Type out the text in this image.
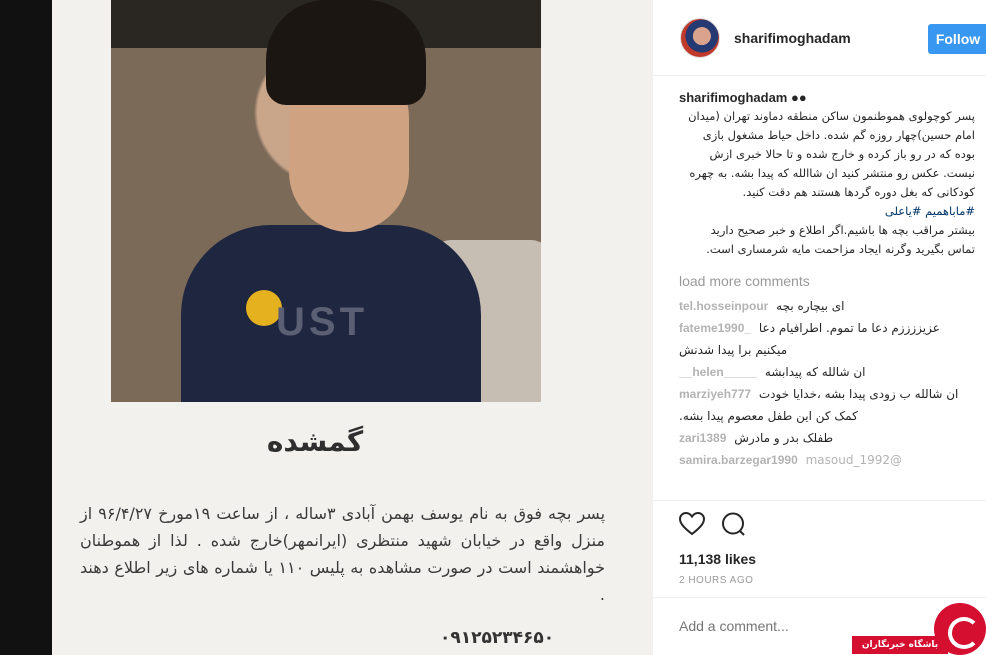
UST
گمشده
پسر بچه فوق به نام یوسف بهمن آبادی ۳ساله ، از ساعت ۱۹مورخ ۹۶/۴/۲۷ از منزل واقع در خیابان شهید منتظری (ایرانمهر)خارج شده . لذا از هموطنان خواهشمند است در صورت مشاهده به پلیس ۱۱۰ یا شماره های زیر اطلاع دهند .
۰۹۱۲۵۲۳۴۶۵۰
sharifimoghadam	Follow
sharifimoghadam ●●
پسر کوچولوی هموطنمون ساکن منطقه دماوند تهران (میدان
امام حسین)چهار روزه گم شده. داخل حیاط مشغول بازی
بوده که در رو باز کرده و خارج شده و تا حالا خبری ازش
نیست. عکس رو منتشر کنید ان شاالله که پیدا بشه. به چهره
کودکانی که بغل دوره گردها هستند هم دقت کنید.
#ماباهمیم #یاعلی
بیشتر مراقب بچه ها باشیم.اگر اطلاع و خبر صحیح دارید
تماس بگیرید وگرنه ایجاد مزاحمت مایه شرمساری است.
load more comments
tel.hosseinpour ای بیچاره بچه
fateme1990_ عزیززززم دعا ما تموم. اطرافیام دعا میکنیم برا پیدا شدنش
__helen_____ ان شالله که پیدابشه
marziyeh777 ان شالله ب زودی پیدا بشه ،خدایا خودت کمک کن این طفل معصوم پیدا بشه.
zari1389 طفلک بدر و مادرش
samira.barzegar1990 @masoud_1992
11,138 likes
2 HOURS AGO
Add a comment...
باشگاه خبرنگاران
